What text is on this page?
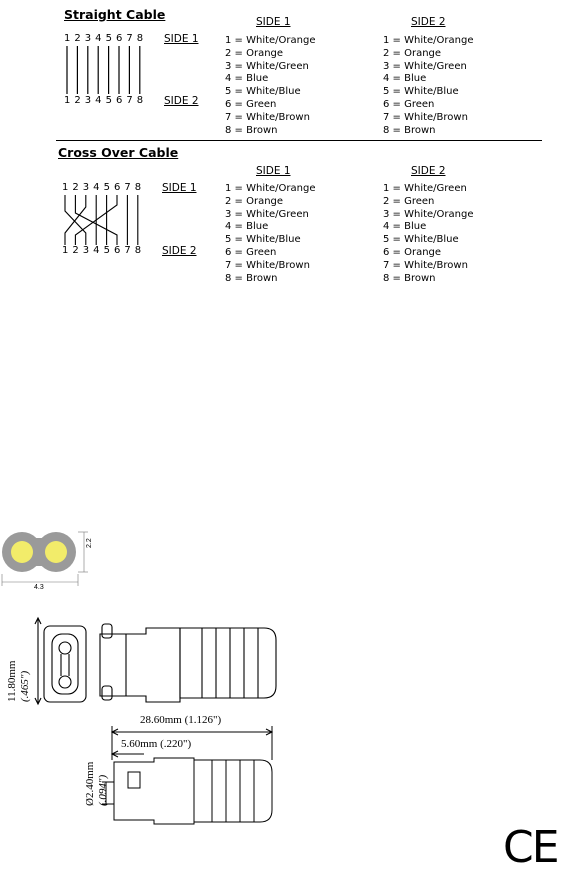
Straight Cable
1 2 3 4 5 6 7 8
1 2 3 4 5 6 7 8
SIDE 1
SIDE 2
SIDE 1	SIDE 2
1 = White/Orange
2 = Orange
3 = White/Green
4 = Blue
5 = White/Blue
6 = Green
7 = White/Brown
8 = Brown
1 = White/Orange
2 = Orange
3 = White/Green
4 = Blue
5 = White/Blue
6 = Green
7 = White/Brown
8 = Brown
Cross Over Cable
1 2 3 4 5 6 7 8
1 2 3 4 5 6 7 8
SIDE 1
SIDE 2
SIDE 1	SIDE 2
1 = White/Orange
2 = Orange
3 = White/Green
4 = Blue
5 = White/Blue
6 = Green
7 = White/Brown
8 = Brown
1 = White/Green
2 = Green
3 = White/Orange
4 = Blue
5 = White/Blue
6 = Orange
7 = White/Brown
8 = Brown
2.2
4.3
11.80mm (.465")
28.60mm (1.126")
5.60mm (.220")
Ø2.40mm (.094")
CE
